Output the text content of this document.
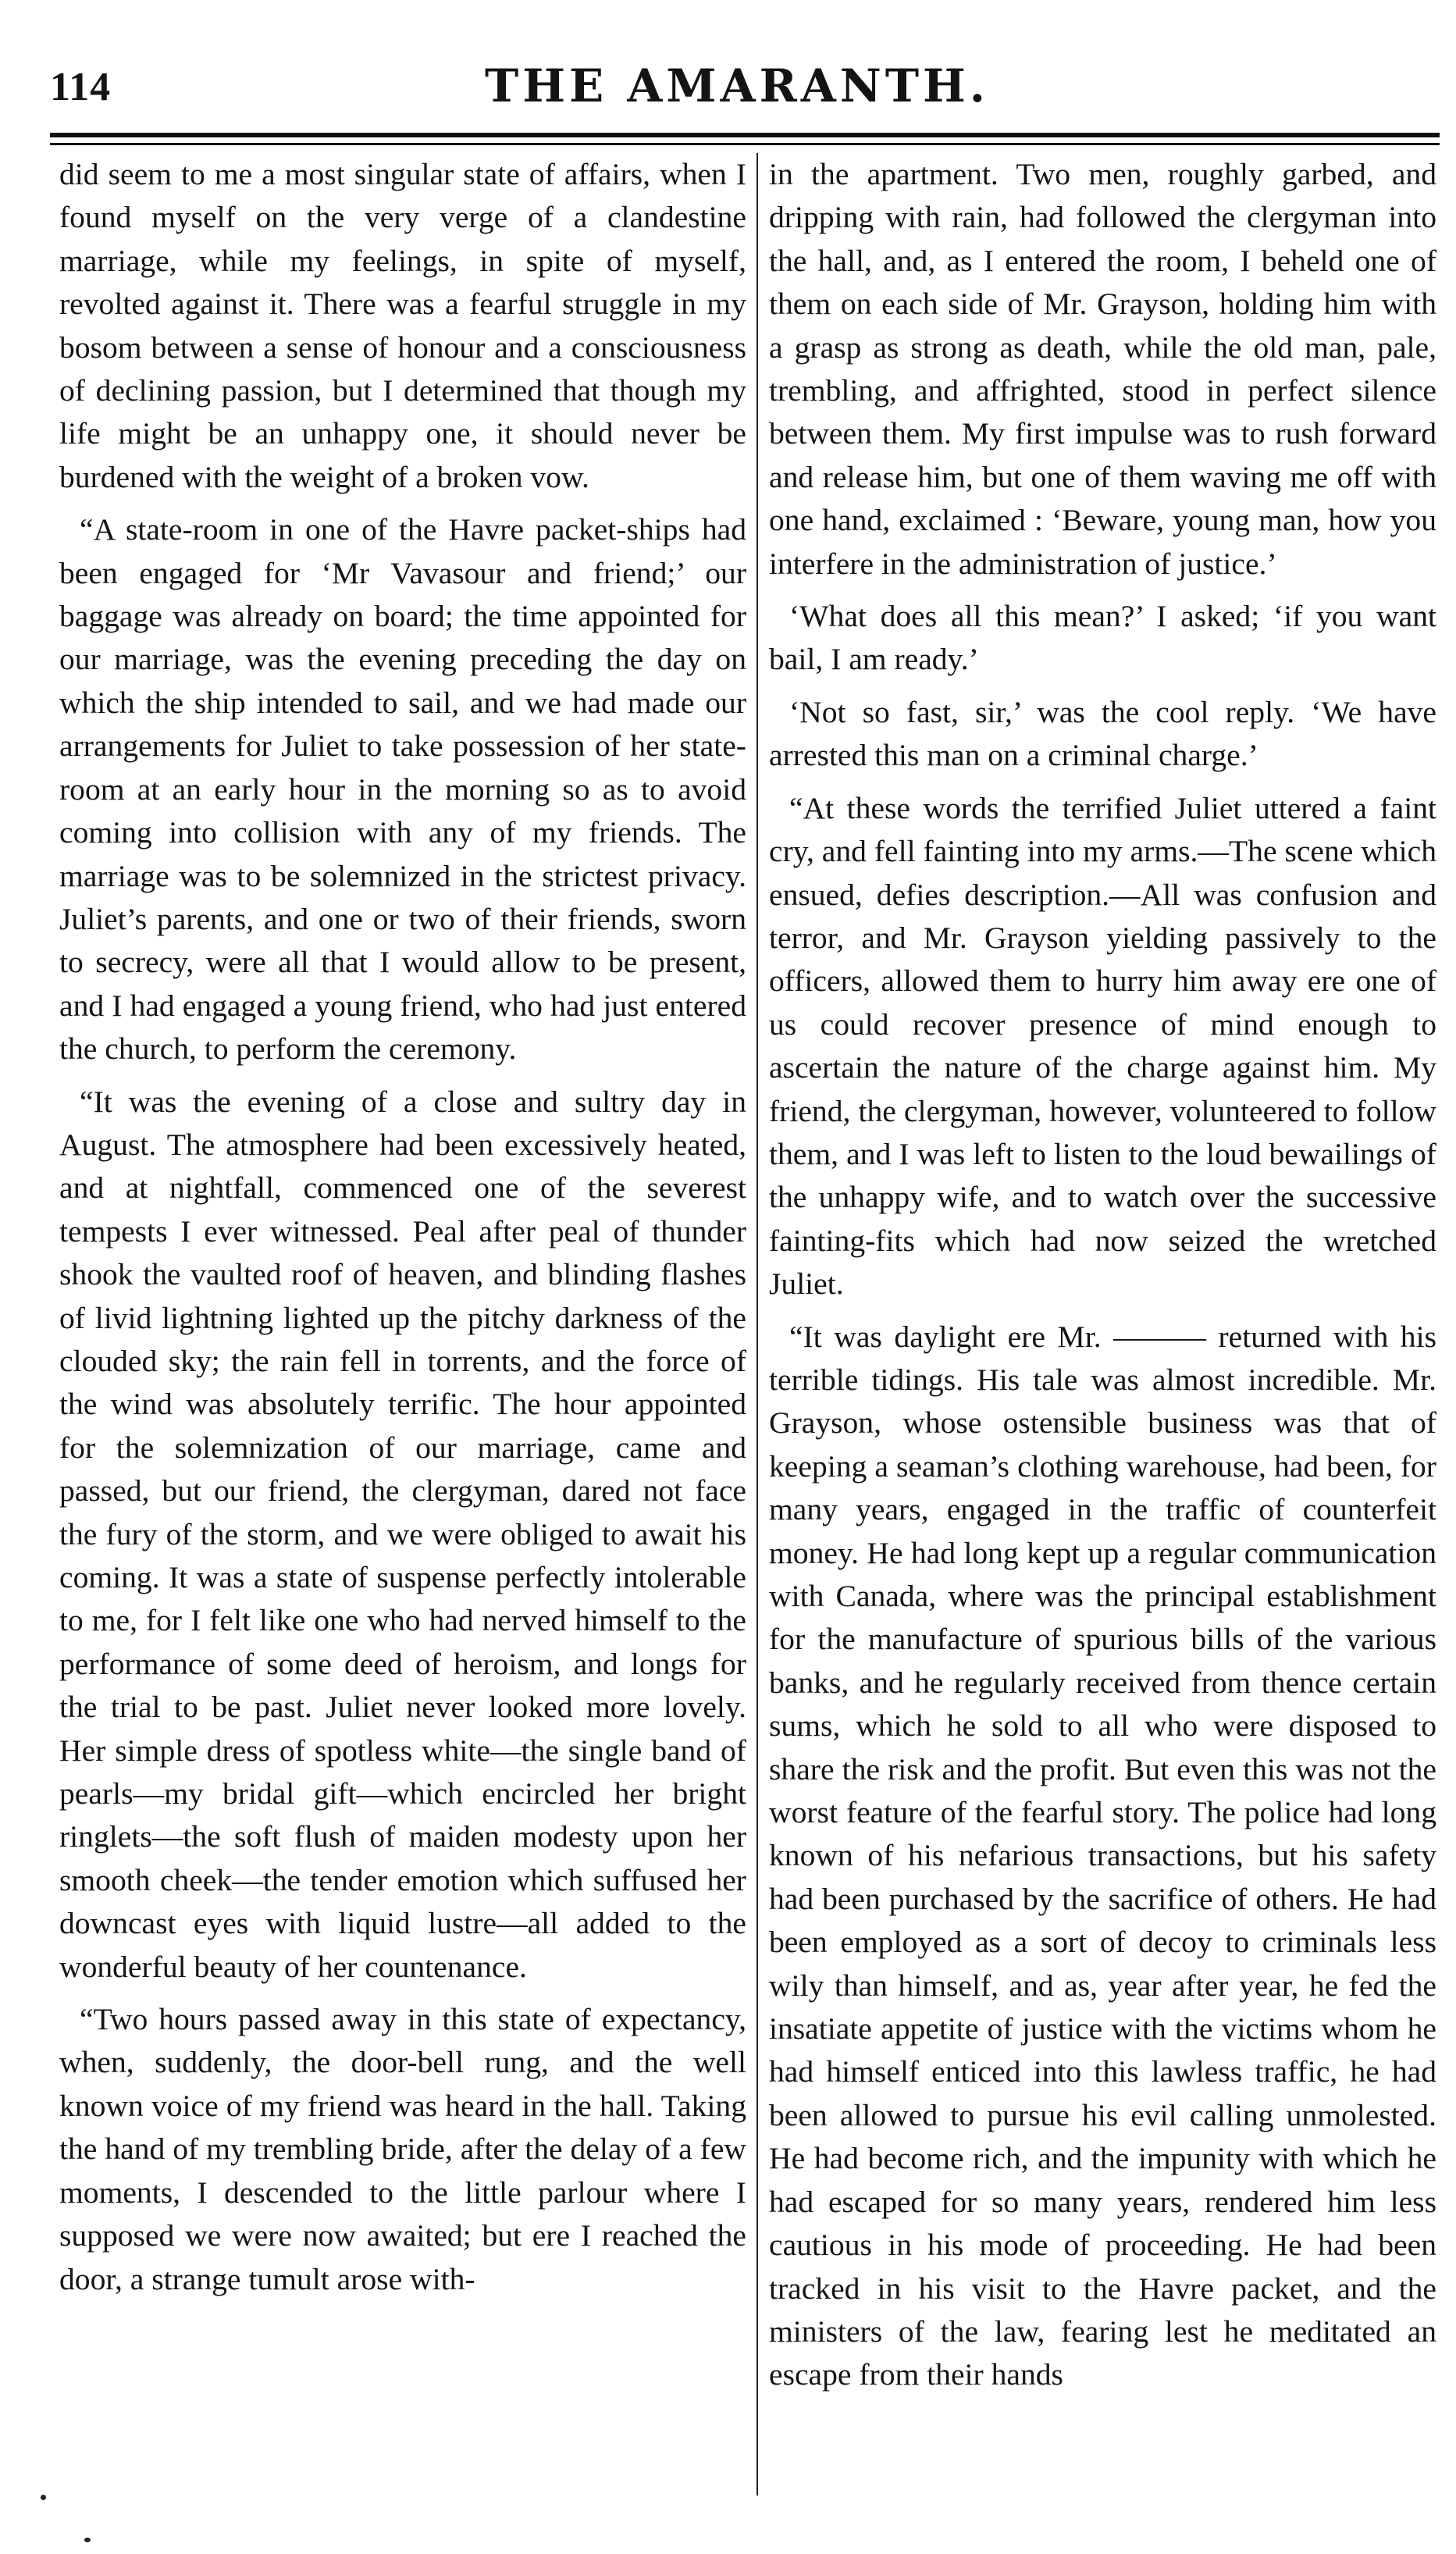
114	THE AMARANTH.

did seem to me a most singular state of affairs, when I found myself on the very verge of a clandestine marriage, while my feelings, in spite of myself, revolted against it. There was a fearful struggle in my bosom between a sense of honour and a consciousness of declining passion, but I determined that though my life might be an unhappy one, it should never be burdened with the weight of a broken vow.

“A state-room in one of the Havre packet-ships had been engaged for ‘Mr Vavasour and friend;’ our baggage was already on board; the time appointed for our marriage, was the evening preceding the day on which the ship intended to sail, and we had made our arrangements for Juliet to take possession of her state-room at an early hour in the morning so as to avoid coming into collision with any of my friends. The marriage was to be solemnized in the strictest privacy. Juliet’s parents, and one or two of their friends, sworn to secrecy, were all that I would allow to be present, and I had engaged a young friend, who had just entered the church, to perform the ceremony.

“It was the evening of a close and sultry day in August. The atmosphere had been excessively heated, and at nightfall, commenced one of the severest tempests I ever witnessed. Peal after peal of thunder shook the vaulted roof of heaven, and blinding flashes of livid lightning lighted up the pitchy darkness of the clouded sky; the rain fell in torrents, and the force of the wind was absolutely terrific. The hour appointed for the solemnization of our marriage, came and passed, but our friend, the clergyman, dared not face the fury of the storm, and we were obliged to await his coming. It was a state of suspense perfectly intolerable to me, for I felt like one who had nerved himself to the performance of some deed of heroism, and longs for the trial to be past. Juliet never looked more lovely. Her simple dress of spotless white—the single band of pearls—my bridal gift—which encircled her bright ringlets—the soft flush of maiden modesty upon her smooth cheek—the tender emotion which suffused her downcast eyes with liquid lustre—all added to the wonderful beauty of her countenance.

“Two hours passed away in this state of expectancy, when, suddenly, the door-bell rung, and the well known voice of my friend was heard in the hall. Taking the hand of my trembling bride, after the delay of a few moments, I descended to the little parlour where I supposed we were now awaited; but ere I reached the door, a strange tumult arose with-

in the apartment. Two men, roughly garbed, and dripping with rain, had followed the clergyman into the hall, and, as I entered the room, I beheld one of them on each side of Mr. Grayson, holding him with a grasp as strong as death, while the old man, pale, trembling, and affrighted, stood in perfect silence between them. My first impulse was to rush forward and release him, but one of them waving me off with one hand, exclaimed : ‘Beware, young man, how you interfere in the administration of justice.’

‘What does all this mean?’ I asked; ‘if you want bail, I am ready.’

‘Not so fast, sir,’ was the cool reply. ‘We have arrested this man on a criminal charge.’

“At these words the terrified Juliet uttered a faint cry, and fell fainting into my arms.—The scene which ensued, defies description.—All was confusion and terror, and Mr. Grayson yielding passively to the officers, allowed them to hurry him away ere one of us could recover presence of mind enough to ascertain the nature of the charge against him. My friend, the clergyman, however, volunteered to follow them, and I was left to listen to the loud bewailings of the unhappy wife, and to watch over the successive fainting-fits which had now seized the wretched Juliet.

“It was daylight ere Mr. ——— returned with his terrible tidings. His tale was almost incredible. Mr. Grayson, whose ostensible business was that of keeping a seaman’s clothing warehouse, had been, for many years, engaged in the traffic of counterfeit money. He had long kept up a regular communication with Canada, where was the principal establishment for the manufacture of spurious bills of the various banks, and he regularly received from thence certain sums, which he sold to all who were disposed to share the risk and the profit. But even this was not the worst feature of the fearful story. The police had long known of his nefarious transactions, but his safety had been purchased by the sacrifice of others. He had been employed as a sort of decoy to criminals less wily than himself, and as, year after year, he fed the insatiate appetite of justice with the victims whom he had himself enticed into this lawless traffic, he had been allowed to pursue his evil calling unmolested. He had become rich, and the impunity with which he had escaped for so many years, rendered him less cautious in his mode of proceeding. He had been tracked in his visit to the Havre packet, and the ministers of the law, fearing lest he meditated an escape from their hands
